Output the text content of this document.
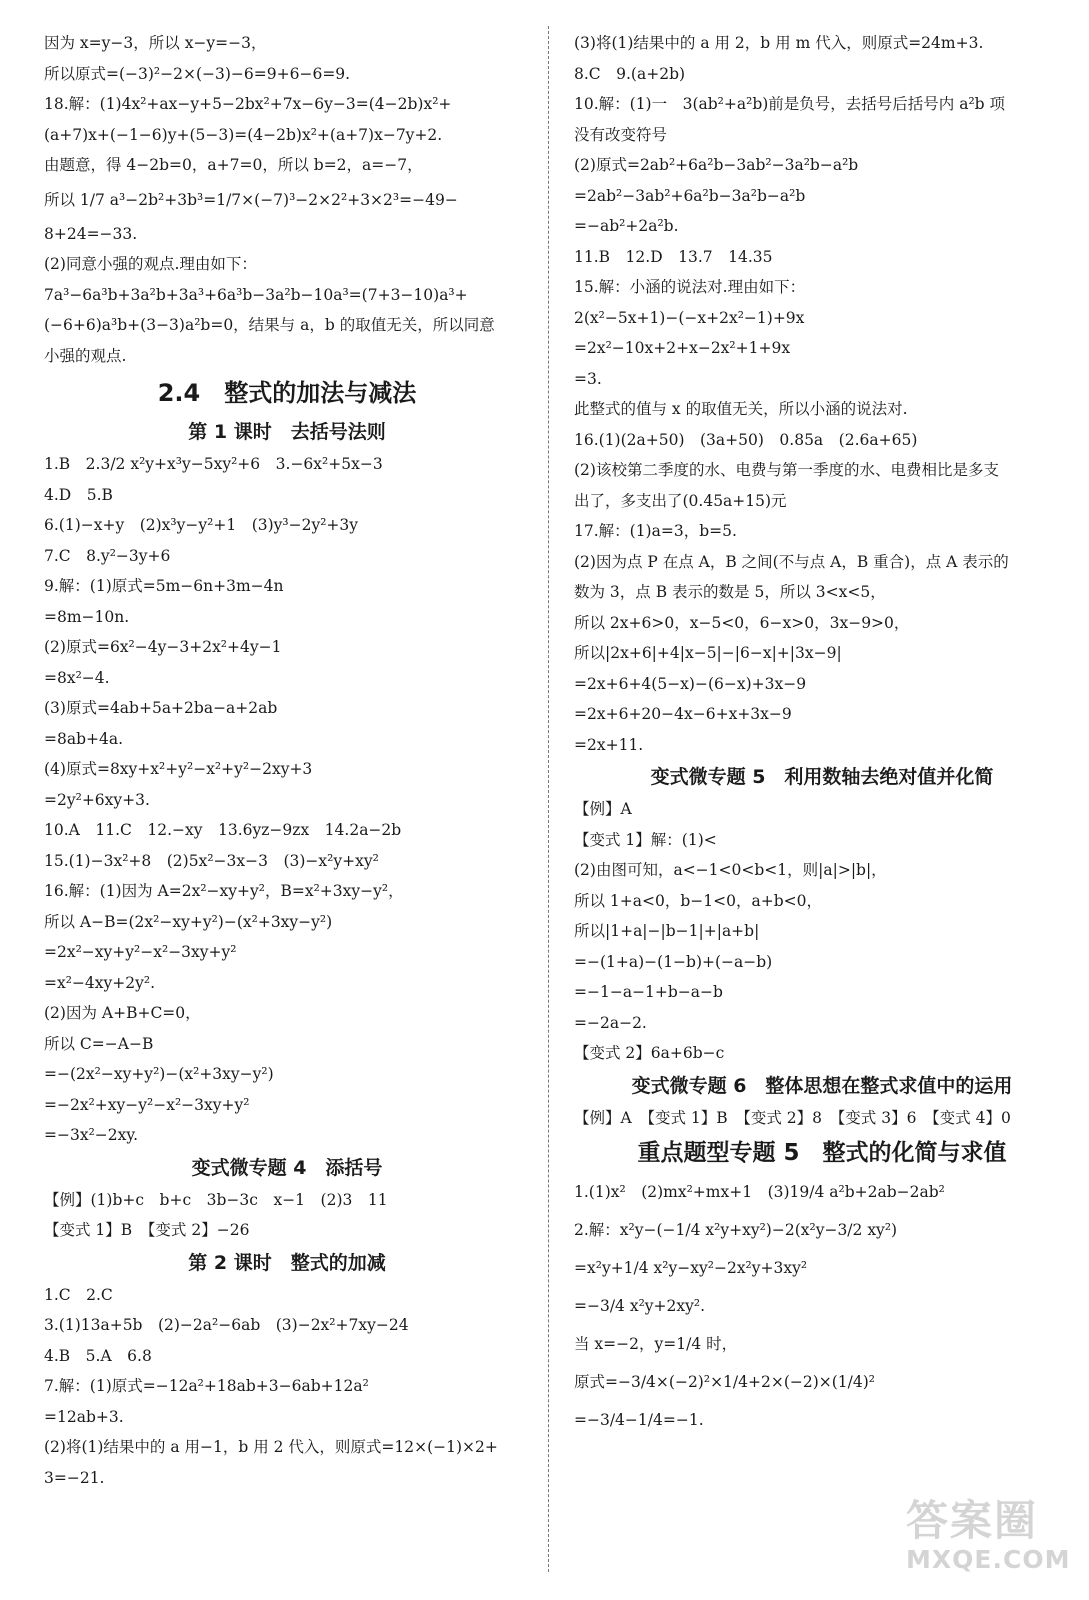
因为 x=y−3，所以 x−y=−3，
所以原式=(−3)²−2×(−3)−6=9+6−6=9.
18.解：(1)4x²+ax−y+5−2bx²+7x−6y−3=(4−2b)x²+
(a+7)x+(−1−6)y+(5−3)=(4−2b)x²+(a+7)x−7y+2.
由题意，得 4−2b=0，a+7=0，所以 b=2，a=−7，
所以 1/7 a³−2b²+3b³=1/7×(−7)³−2×2²+3×2³=−49−
8+24=−33.
(2)同意小强的观点.理由如下：
7a³−6a³b+3a²b+3a³+6a³b−3a²b−10a³=(7+3−10)a³+
(−6+6)a³b+(3−3)a²b=0，结果与 a，b 的取值无关，所以同意
小强的观点.
2.4　整式的加法与减法
第 1 课时　去括号法则
1.B　2.3/2 x²y+x³y−5xy²+6　3.−6x²+5x−3
4.D　5.B
6.(1)−x+y　(2)x³y−y²+1　(3)y³−2y²+3y
7.C　8.y²−3y+6
9.解：(1)原式=5m−6n+3m−4n
=8m−10n.
(2)原式=6x²−4y−3+2x²+4y−1
=8x²−4.
(3)原式=4ab+5a+2ba−a+2ab
=8ab+4a.
(4)原式=8xy+x²+y²−x²+y²−2xy+3
=2y²+6xy+3.
10.A　11.C　12.−xy　13.6yz−9zx　14.2a−2b
15.(1)−3x²+8　(2)5x²−3x−3　(3)−x²y+xy²
16.解：(1)因为 A=2x²−xy+y²，B=x²+3xy−y²，
所以 A−B=(2x²−xy+y²)−(x²+3xy−y²)
=2x²−xy+y²−x²−3xy+y²
=x²−4xy+2y².
(2)因为 A+B+C=0，
所以 C=−A−B
=−(2x²−xy+y²)−(x²+3xy−y²)
=−2x²+xy−y²−x²−3xy+y²
=−3x²−2xy.
变式微专题 4　添括号
【例】(1)b+c　b+c　3b−3c　x−1　(2)3　11
【变式 1】B　【变式 2】−26
第 2 课时　整式的加减
1.C　2.C
3.(1)13a+5b　(2)−2a²−6ab　(3)−2x²+7xy−24
4.B　5.A　6.8
7.解：(1)原式=−12a²+18ab+3−6ab+12a²
=12ab+3.
(2)将(1)结果中的 a 用−1，b 用 2 代入，则原式=12×(−1)×2+
3=−21.
(3)将(1)结果中的 a 用 2，b 用 m 代入，则原式=24m+3.
8.C　9.(a+2b)
10.解：(1)一　3(ab²+a²b)前是负号，去括号后括号内 a²b 项
没有改变符号
(2)原式=2ab²+6a²b−3ab²−3a²b−a²b
=2ab²−3ab²+6a²b−3a²b−a²b
=−ab²+2a²b.
11.B　12.D　13.7　14.35
15.解：小涵的说法对.理由如下：
2(x²−5x+1)−(−x+2x²−1)+9x
=2x²−10x+2+x−2x²+1+9x
=3.
此整式的值与 x 的取值无关，所以小涵的说法对.
16.(1)(2a+50)　(3a+50)　0.85a　(2.6a+65)
(2)该校第二季度的水、电费与第一季度的水、电费相比是多支
出了，多支出了(0.45a+15)元
17.解：(1)a=3，b=5.
(2)因为点 P 在点 A，B 之间(不与点 A，B 重合)，点 A 表示的
数为 3，点 B 表示的数是 5，所以 3<x<5，
所以 2x+6>0，x−5<0，6−x>0，3x−9>0，
所以|2x+6|+4|x−5|−|6−x|+|3x−9|
=2x+6+4(5−x)−(6−x)+3x−9
=2x+6+20−4x−6+x+3x−9
=2x+11.
变式微专题 5　利用数轴去绝对值并化简
【例】A
【变式 1】解：(1)<
(2)由图可知，a<−1<0<b<1，则|a|>|b|，
所以 1+a<0，b−1<0，a+b<0，
所以|1+a|−|b−1|+|a+b|
=−(1+a)−(1−b)+(−a−b)
=−1−a−1+b−a−b
=−2a−2.
【变式 2】6a+6b−c
变式微专题 6　整体思想在整式求值中的运用
【例】A　【变式 1】B　【变式 2】8　【变式 3】6　【变式 4】0
重点题型专题 5　整式的化简与求值
1.(1)x²　(2)mx²+mx+1　(3)19/4 a²b+2ab−2ab²
2.解：x²y−(−1/4 x²y+xy²)−2(x²y−3/2 xy²)
=x²y+1/4 x²y−xy²−2x²y+3xy²
=−3/4 x²y+2xy².
当 x=−2，y=1/4 时，
原式=−3/4×(−2)²×1/4+2×(−2)×(1/4)²
=−3/4−1/4=−1.
答案圈
MXQE.COM
